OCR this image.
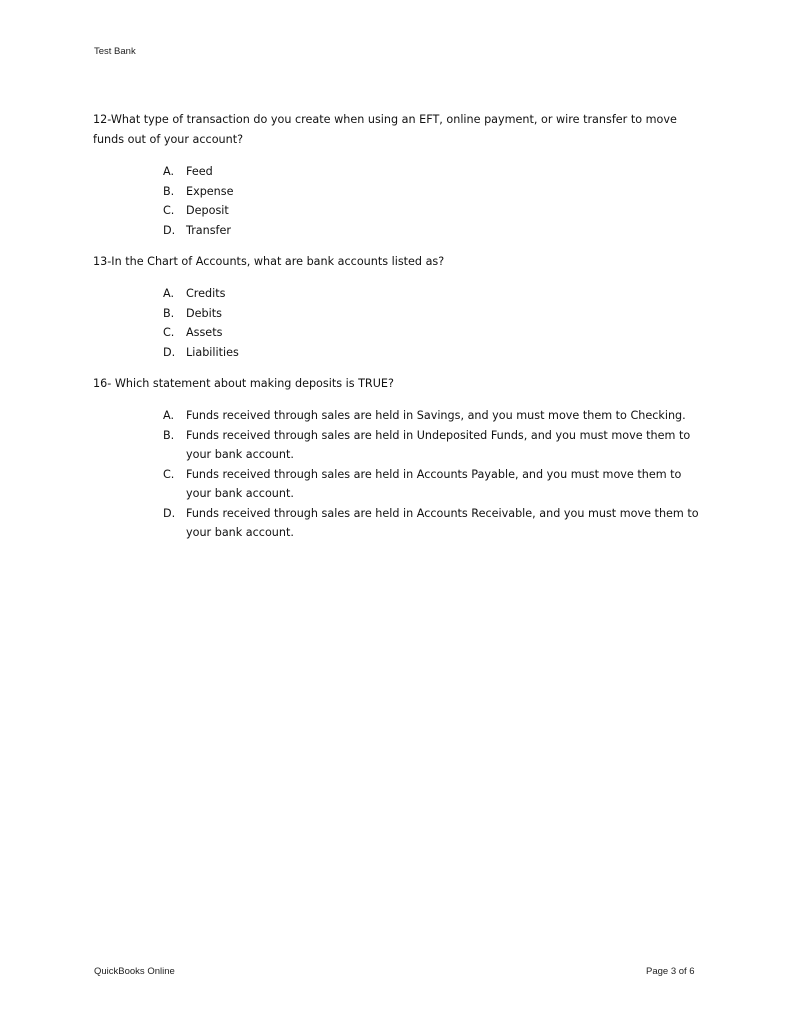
Test Bank

12-What type of transaction do you create when using an EFT, online payment, or wire transfer to move funds out of your account?

A.	Feed
B.	Expense
C.	Deposit
D. Transfer

13-In the Chart of Accounts, what are bank accounts listed as?

A.	Credits
B.	Debits
C.	Assets
D. Liabilities

16- Which statement about making deposits is TRUE?

A.	Funds received through sales are held in Savings, and you must move them to Checking.
B.	Funds received through sales are held in Undeposited Funds, and you must move them to your bank account.
C.	Funds received through sales are held in Accounts Payable, and you must move them to your bank account.
D. Funds received through sales are held in Accounts Receivable, and you must move them to your bank account.
QuickBooks Online	Page 3 of 6
